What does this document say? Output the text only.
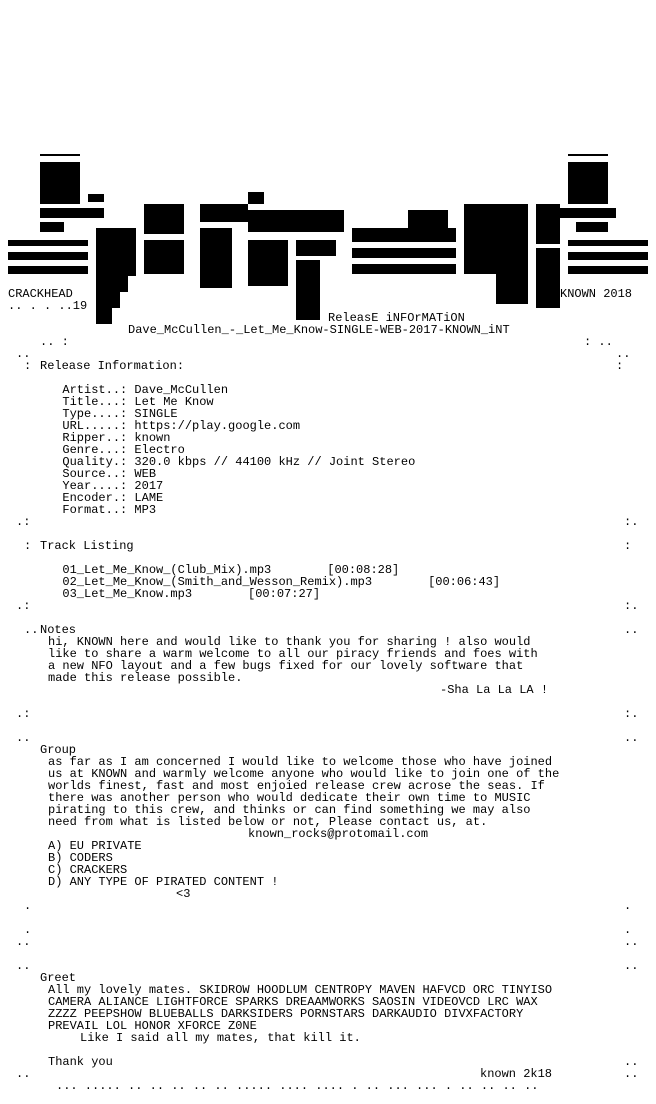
CRACKHEAD	KNOWN 2018
.. . . ..19
ReleasE iNFOrMATiON
Dave_McCullen_-_Let_Me_Know-SINGLE-WEB-2017-KNOWN_iNT
.. :	: ..
..	..
:	:
Release Information:

Artist..: Dave_McCullen

Title...: Let Me Know

Type....: SINGLE

URL.....: https://play.google.com

Ripper..: known

Genre...: Electro

Quality.: 320.0 kbps // 44100 kHz // Joint Stereo

Source..: WEB

Year....: 2017

Encoder.: LAME

Format..: MP3

.:	:.
:	:
Track Listing

01_Let_Me_Know_(Club_Mix).mp3	[00:08:28]

02_Let_Me_Know_(Smith_and_Wesson_Remix).mp3	[00:06:43]

03_Let_Me_Know.mp3	[00:07:27]

.:	:.
..	..
Notes
hi, KNOWN here and would like to thank you for sharing ! also would
like to share a warm welcome to all our piracy friends and foes with
a new NFO layout and a few bugs fixed for our lovely software that
made this release possible.
-Sha La La LA !
.:	:.
..	..
Group
as far as I am concerned I would like to welcome those who have joined
us at KNOWN and warmly welcome anyone who would like to join one of the
worlds finest, fast and most enjoied release crew acrose the seas. If
there was another person who would dedicate their own time to MUSIC
pirating to this crew, and thinks or can find something we may also
need from what is listed below or not, Please contact us, at.
known_rocks@protomail.com
A) EU PRIVATE
B) CODERS
C) CRACKERS
D) ANY TYPE OF PIRATED CONTENT !
<3
.	.
.	.
..	..
..	..
Greet
All my lovely mates. SKIDROW HOODLUM CENTROPY MAVEN HAFVCD ORC TINYISO
CAMERA ALIANCE LIGHTFORCE SPARKS DREAAMWORKS SAOSIN VIDEOVCD LRC WAX
ZZZZ PEEPSHOW BLUEBALLS DARKSIDERS PORNSTARS DARKAUDIO DIVXFACTORY
PREVAIL LOL HONOR XFORCE Z0NE
Like I said all my mates, that kill it.
Thank you	..
..	known 2k18	..
... ..... .. .. .. .. .. ..... .... .... . .. ... ... . .. .. .. ..
